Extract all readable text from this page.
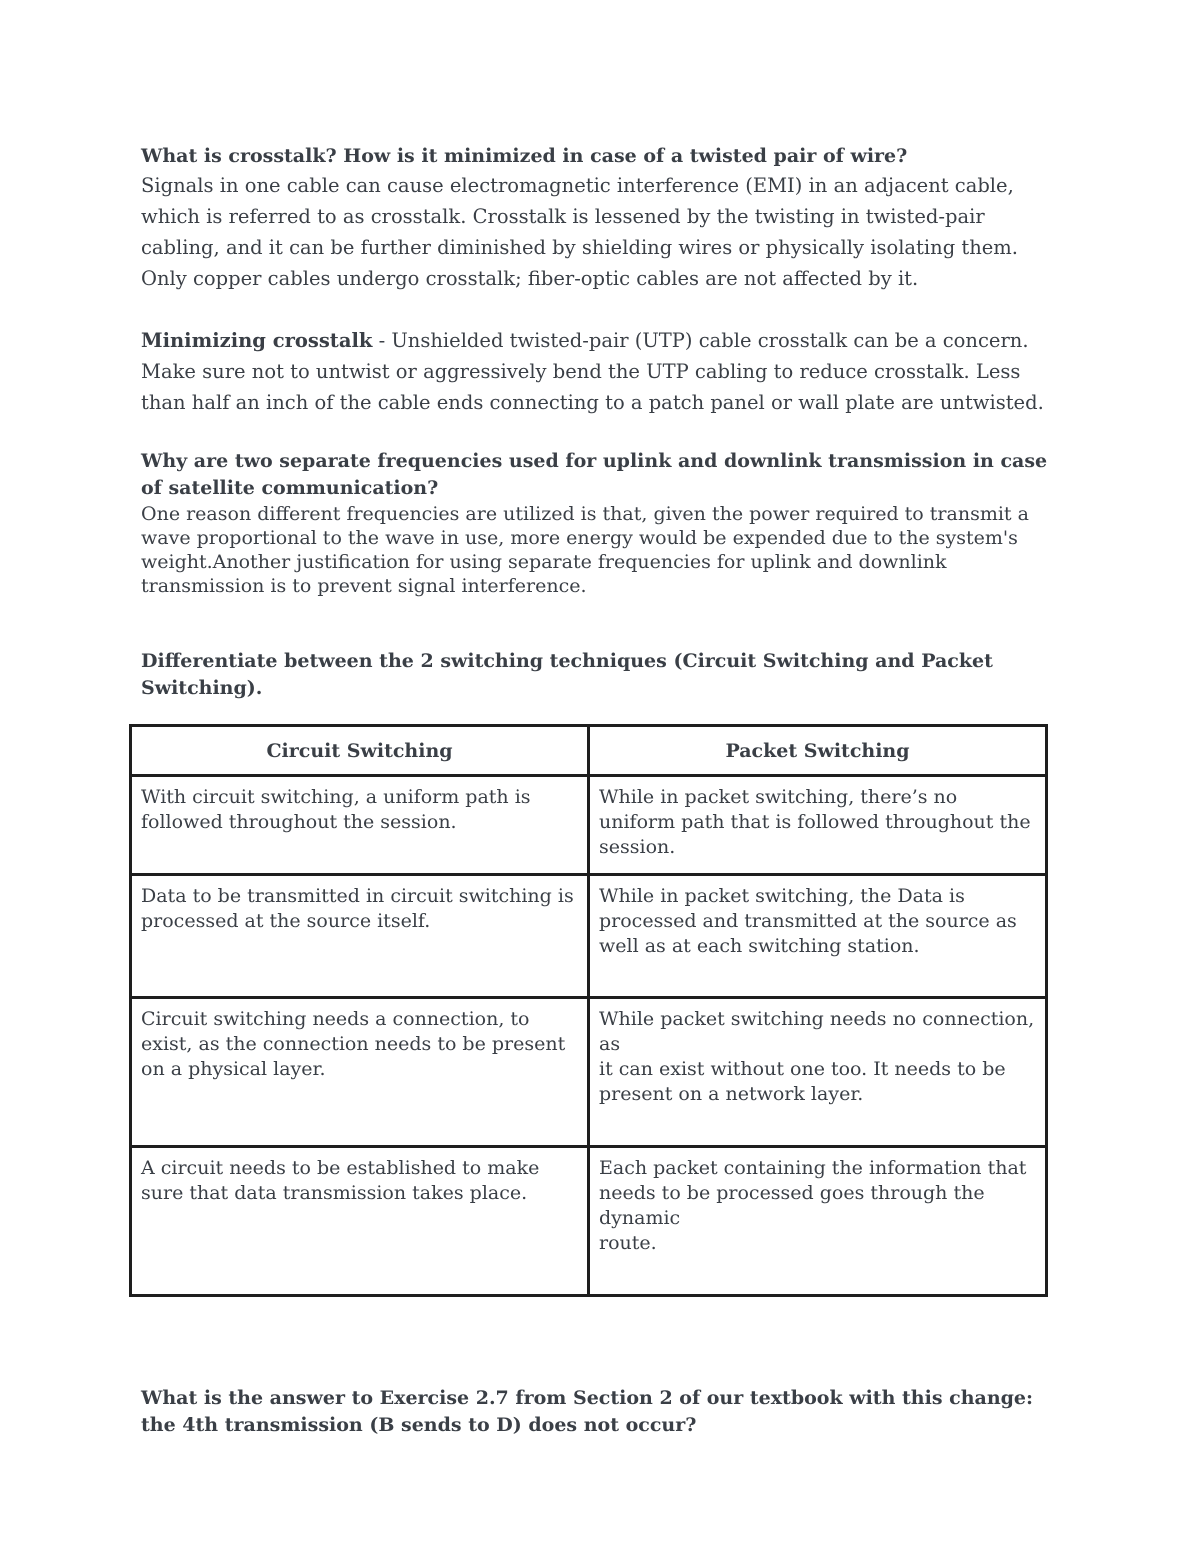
What is crosstalk? How is it minimized in case of a twisted pair of wire?

Signals in one cable can cause electromagnetic interference (EMI) in an adjacent cable, which is referred to as crosstalk. Crosstalk is lessened by the twisting in twisted-pair cabling, and it can be further diminished by shielding wires or physically isolating them. Only copper cables undergo crosstalk; fiber-optic cables are not affected by it.

Minimizing crosstalk - Unshielded twisted-pair (UTP) cable crosstalk can be a concern. Make sure not to untwist or aggressively bend the UTP cabling to reduce crosstalk. Less than half an inch of the cable ends connecting to a patch panel or wall plate are untwisted.

Why are two separate frequencies used for uplink and downlink transmission in case of satellite communication?

One reason different frequencies are utilized is that, given the power required to transmit a wave proportional to the wave in use, more energy would be expended due to the system's weight.Another justification for using separate frequencies for uplink and downlink transmission is to prevent signal interference.

Differentiate between the 2 switching techniques (Circuit Switching and Packet Switching).

Circuit Switching	Packet Switching

With circuit switching, a uniform path is followed throughout the session.	While in packet switching, there’s no uniform path that is followed throughout the session.

Data to be transmitted in circuit switching is processed at the source itself.	While in packet switching, the Data is processed and transmitted at the source as well as at each switching station.

Circuit switching needs a connection, to exist, as the connection needs to be present on a physical layer.	While packet switching needs no connection, as
it can exist without one too. It needs to be present on a network layer.

A circuit needs to be established to make sure that data transmission takes place.	Each packet containing the information that needs to be processed goes through the dynamic
route.

What is the answer to Exercise 2.7 from Section 2 of our textbook with this change: the 4th transmission (B sends to D) does not occur?
